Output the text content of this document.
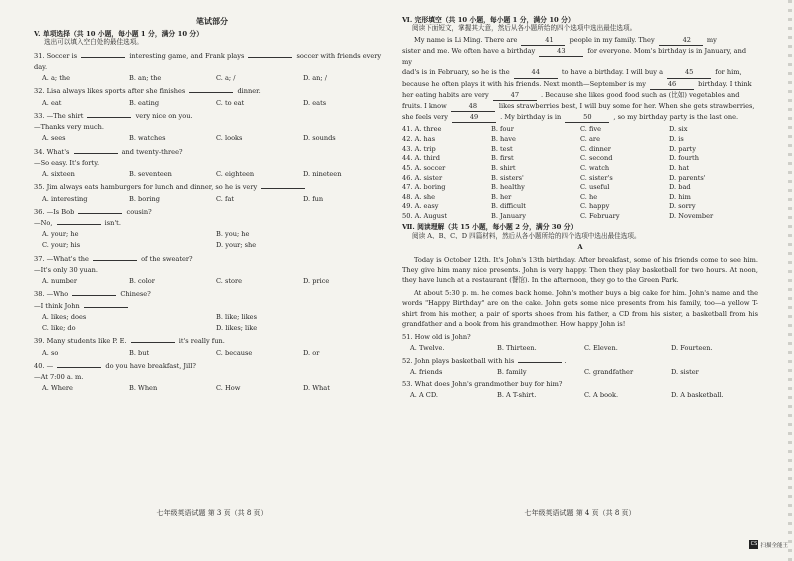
笔试部分
V. 单项选择（共 10 小题，每小题 1 分，满分 10 分）
选出可以填入空白处的最佳选项。
31. Soccer is	interesting game, and Frank plays	soccer with friends every
day.
A. a; the	B. an; the	C. a; /	D. an; /
32. Lisa always likes sports after she finishes	dinner.
A. eat	B. eating	C. to eat	D. eats
33. —The shirt	very nice on you.
—Thanks very much.
A. sees	B. watches	C. looks	D. sounds
34. What's	and twenty-three?
—So easy. It's forty.
A. sixteen	B. seventeen	C. eighteen	D. nineteen
35. Jim always eats hamburgers for lunch and dinner, so he is very
A. interesting	B. boring	C. fat	D. fun
36. —Is Bob	cousin?
—No,	isn't.
A. your; he	B. you; he
C. your; his	D. your; she
37. —What's the	of the sweater?
—It's only 30 yuan.
A. number	B. color	C. store	D. price
38. —Who	Chinese?
—I think John
A. likes; does	B. like; likes
C. like; do	D. likes; like
39. Many students like P. E.	it's really fun.
A. so	B. but	C. because	D. or
40. —	do you have breakfast, Jill?
—At 7:00 a. m.
A. Where	B. When	C. How	D. What
七年级英语试题 第 3 页（共 8 页）
Ⅵ. 完形填空（共 10 小题，每小题 1 分，满分 10 分）
阅读下面短文，掌握其大意，然后从各小题所给的四个选项中选出最佳选项。
My name is Li Ming. There are	41 people in my family. They	42 my
sister and me. We often have a birthday	43	for everyone. Mom's birthday is in January, and my
dad's is in February, so he is the	44	to have a birthday. I will buy a	45	for him,
because he often plays it with his friends. Next month—September is my	46	birthday. I think
her eating habits are very	47	. Because she likes good food such as (比如) vegetables and
fruits. I know	48	likes strawberries best, I will buy some for her. When she gets strawberries,
she feels very	49	. My birthday is in	50	, so my birthday party is the last one.
41. A. three	B. four	C. five	D. six
42. A. has	B. have	C. are	D. is
43. A. trip	B. test	C. dinner	D. party
44. A. third	B. first	C. second	D. fourth
45. A. soccer	B. shirt	C. watch	D. hat
46. A. sister	B. sisters'	C. sister's	D. parents'
47. A. boring	B. healthy	C. useful	D. bad
48. A. she	B. her	C. he	D. him
49. A. easy	B. difficult	C. happy	D. sorry
50. A. August	B. January	C. February	D. November
Ⅶ. 阅读理解（共 15 小题，每小题 2 分，满分 30 分）
阅读 A、B、C、D 四篇材料，然后从各小题所给的四个选项中选出最佳选项。
A
Today is October 12th. It's John's 13th birthday. After breakfast, some of his friends come to see him. They give him many nice presents. John is very happy. Then they play basketball for two hours. At noon, they have lunch at a restaurant (餐馆). In the afternoon, they go to the Green Park.
At about 5:30 p. m. he comes back home. John's mother buys a big cake for him. John's name and the words "Happy Birthday" are on the cake. John gets some nice presents from his family, too—a yellow T-shirt from his mother, a pair of sports shoes from his father, a CD from his sister, a basketball from his grandfather and a book from his grandmother. How happy John is!
51. How old is John?
A. Twelve.	B. Thirteen.	C. Eleven.	D. Fourteen.
52. John plays basketball with his	.
A. friends	B. family	C. grandfather	D. sister
53. What does John's grandmother buy for him?
A. A CD.	B. A T-shirt.	C. A book.	D. A basketball.
七年级英语试题 第 4 页（共 8 页）
CS 扫描全能王
